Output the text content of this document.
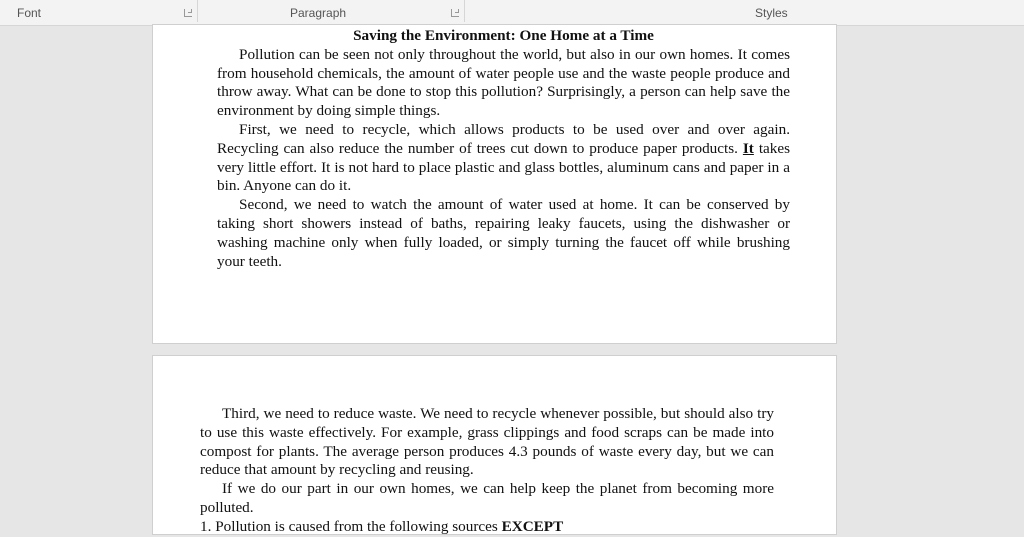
Font	Paragraph	Styles
Saving the Environment: One Home at a Time

Pollution can be seen not only throughout the world, but also in our own homes. It comes from household chemicals, the amount of water people use and the waste people produce and throw away. What can be done to stop this pollution? Surprisingly, a person can help save the environment by doing simple things.

First, we need to recycle, which allows products to be used over and over again. Recycling can also reduce the number of trees cut down to produce paper products. It takes very little effort. It is not hard to place plastic and glass bottles, aluminum cans and paper in a bin. Anyone can do it.

Second, we need to watch the amount of water used at home. It can be conserved by taking short showers instead of baths, repairing leaky faucets, using the dishwasher or washing machine only when fully loaded, or simply turning the faucet off while brushing your teeth.

Third, we need to reduce waste. We need to recycle whenever possible, but should also try to use this waste effectively. For example, grass clippings and food scraps can be made into compost for plants. The average person produces 4.3 pounds of waste every day, but we can reduce that amount by recycling and reusing.

If we do our part in our own homes, we can help keep the planet from becoming more polluted.

1. Pollution is caused from the following sources EXCEPT
